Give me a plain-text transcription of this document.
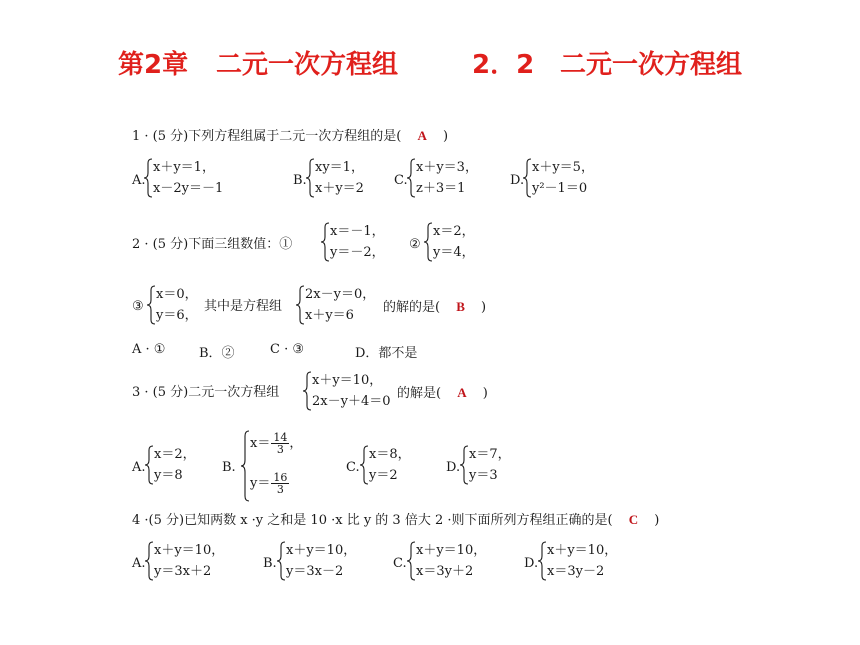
第2章 二元一次方程组	2．2 二元一次方程组
1 · (5 分)下列方程组属于二元一次方程组的是( A )
A.
x＋y＝1，
x－2y＝－1
B.
xy＝1，
x＋y＝2
C.
x＋y＝3，
z＋3＝1
D.
x＋y＝5，
y²－1＝0
2 · (5 分)下面三组数值：①
x＝－1，
y＝－2，
②
x＝2，
y＝4，
③
x＝0，
y＝6，
其中是方程组
2x－y＝0，
x＋y＝6
的解的是( B )
A · ①	B．②	C · ③	D．都不是
3 · (5 分)二元一次方程组
x＋y＝10，
2x－y＋4＝0
的解是( A )
A.
x＝2，
y＝8
B.
$x= \frac{14}{3}$ ，
$y= \frac{16}{3}$
C.
x＝8，
y＝2
D.
x＝7，
y＝3
4 ·(5 分)已知两数 x ·y 之和是 10 ·x 比 y 的 3 倍大 2 ·则下面所列方程组正确的是( C )
A.
x＋y＝10，
y＝3x＋2
B.
x＋y＝10，
y＝3x－2
C.
x＋y＝10，
x＝3y＋2
D.
x＋y＝10，
x＝3y－2
